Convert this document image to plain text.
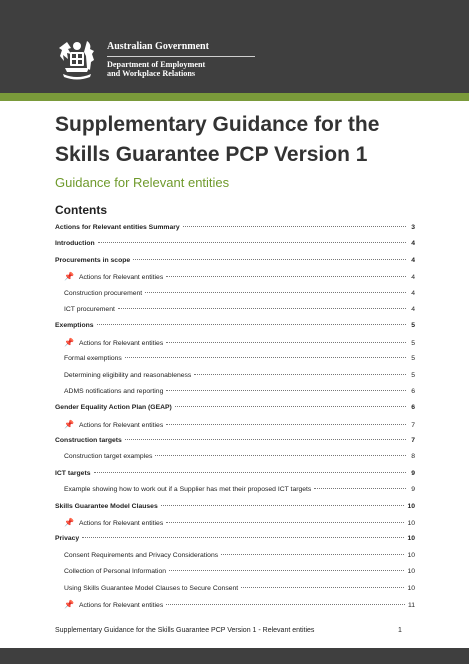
Australian Government
Department of Employment
and Workplace Relations
Supplementary Guidance for the Skills Guarantee PCP Version 1

Guidance for Relevant entities

Contents
Actions for Relevant entities Summary	3
Introduction	4
Procurements in scope	4
📌 Actions for Relevant entities	4
Construction procurement	4
ICT procurement	4
Exemptions	5
📌 Actions for Relevant entities	5
Formal exemptions	5
Determining eligibility and reasonableness	5
ADMS notifications and reporting	6
Gender Equality Action Plan (GEAP)	6
📌 Actions for Relevant entities	7
Construction targets	7
Construction target examples	8
ICT targets	9
Example showing how to work out if a Supplier has met their proposed ICT targets	9
Skills Guarantee Model Clauses	10
📌 Actions for Relevant entities	10
Privacy	10
Consent Requirements and Privacy Considerations	10
Collection of Personal Information	10
Using Skills Guarantee Model Clauses to Secure Consent	10
📌 Actions for Relevant entities	11
Supplementary Guidance for the Skills Guarantee PCP Version 1 - Relevant entities	1
